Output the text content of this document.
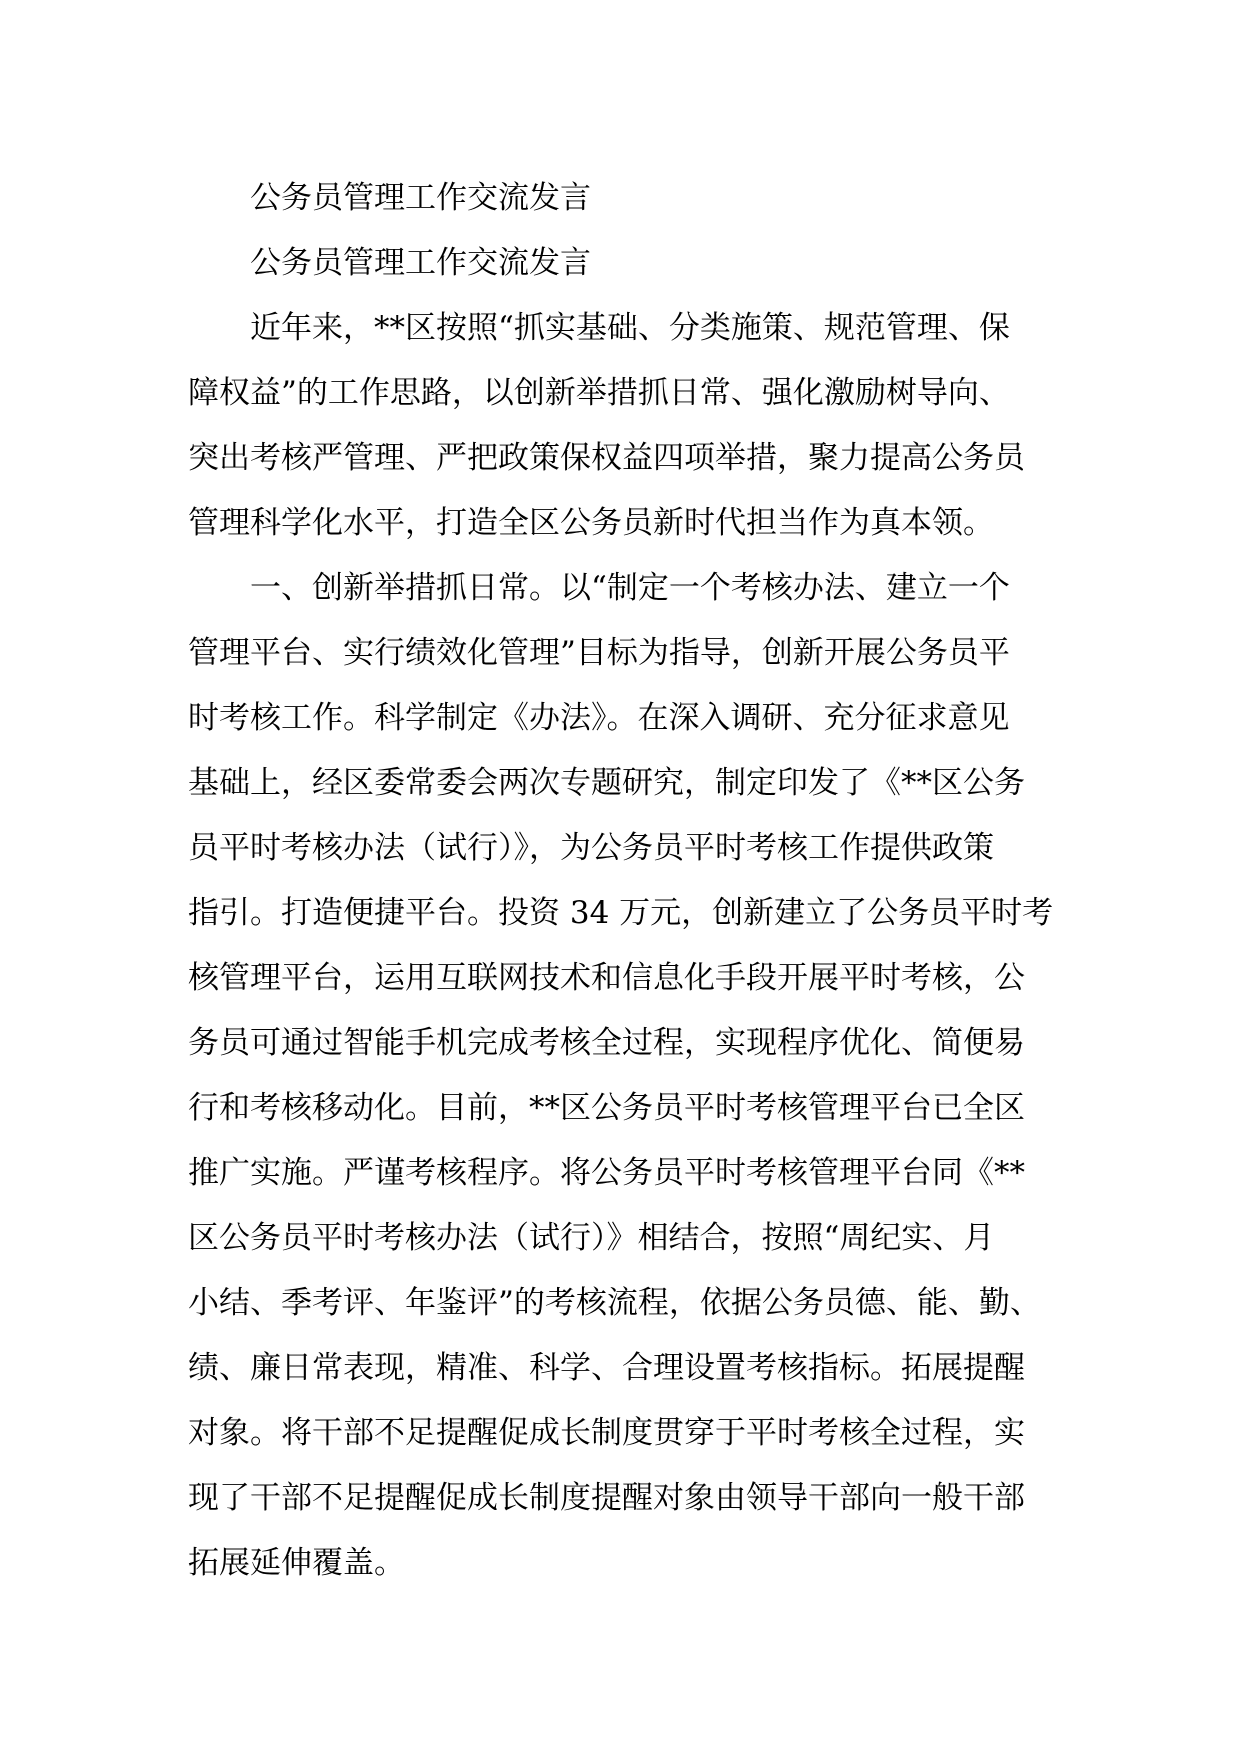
公务员管理工作交流发言
公务员管理工作交流发言
近年来，**区按照“抓实基础、分类施策、规范管理、保
障权益”的工作思路，以创新举措抓日常、强化激励树导向、
突出考核严管理、严把政策保权益四项举措，聚力提高公务员
管理科学化水平，打造全区公务员新时代担当作为真本领。
一、创新举措抓日常。以“制定一个考核办法、建立一个
管理平台、实行绩效化管理”目标为指导，创新开展公务员平
时考核工作。科学制定《办法》。在深入调研、充分征求意见
基础上，经区委常委会两次专题研究，制定印发了《**区公务
员平时考核办法（试行）》，为公务员平时考核工作提供政策
指引。打造便捷平台。投资 34 万元，创新建立了公务员平时考
核管理平台，运用互联网技术和信息化手段开展平时考核，公
务员可通过智能手机完成考核全过程，实现程序优化、简便易
行和考核移动化。目前，**区公务员平时考核管理平台已全区
推广实施。严谨考核程序。将公务员平时考核管理平台同《**
区公务员平时考核办法（试行）》相结合，按照“周纪实、月
小结、季考评、年鉴评”的考核流程，依据公务员德、能、勤、
绩、廉日常表现，精准、科学、合理设置考核指标。拓展提醒
对象。将干部不足提醒促成长制度贯穿于平时考核全过程，实
现了干部不足提醒促成长制度提醒对象由领导干部向一般干部
拓展延伸覆盖。
